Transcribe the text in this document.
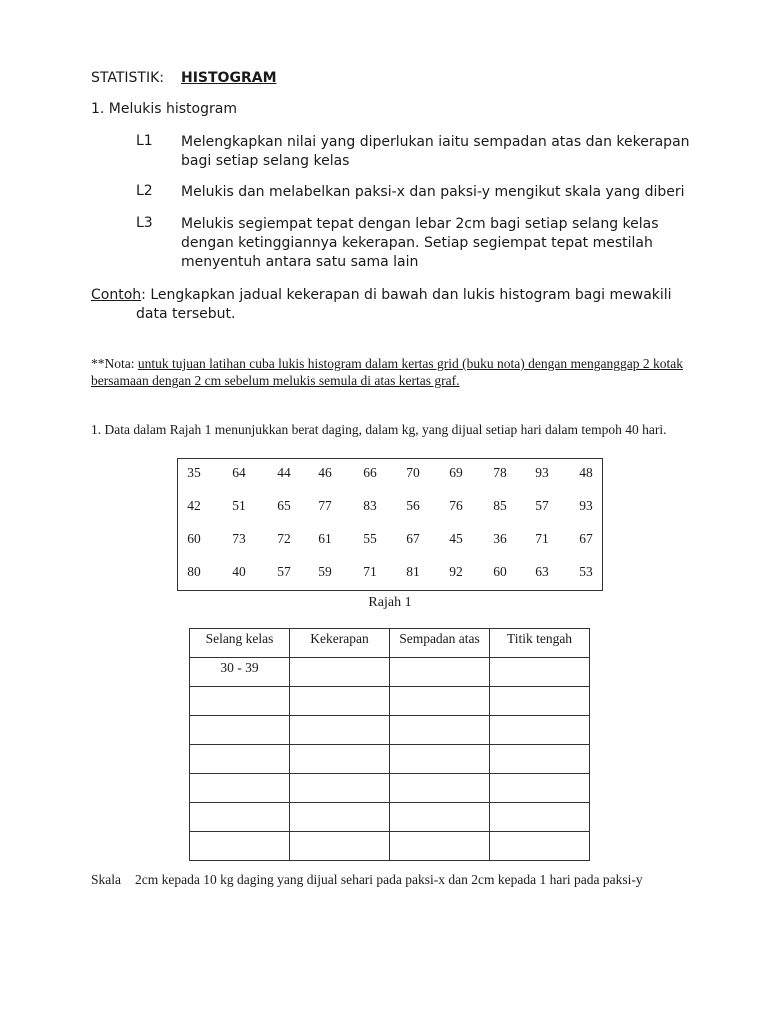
STATISTIK: HISTOGRAM
1. Melukis histogram
L1 Melengkapkan nilai yang diperlukan iaitu sempadan atas dan kekerapan bagi setiap selang kelas
L2 Melukis dan melabelkan paksi-x dan paksi-y mengikut skala yang diberi
L3 Melukis segiempat tepat dengan lebar 2cm bagi setiap selang kelas dengan ketinggiannya kekerapan. Setiap segiempat tepat mestilah menyentuh antara satu sama lain
Contoh: Lengkapkan jadual kekerapan di bawah dan lukis histogram bagi mewakili
data tersebut.
**Nota: untuk tujuan latihan cuba lukis histogram dalam kertas grid (buku nota) dengan menganggap 2 kotak bersamaan dengan 2 cm sebelum melukis semula di atas kertas graf.
1. Data dalam Rajah 1 menunjukkan berat daging, dalam kg, yang dijual setiap hari dalam tempoh 40 hari.
35	64	44	46	66	70	69	78	93	48
42	51	65	77	83	56	76	85	57	93
60	73	72	61	55	67	45	36	71	67
80	40	57	59	71	81	92	60	63	53
Rajah 1
Selang kelas	Kekerapan	Sempadan atas	Titik tengah
30 - 39			

Skala 2cm kepada 10 kg daging yang dijual sehari pada paksi-x dan 2cm kepada 1 hari pada paksi-y
